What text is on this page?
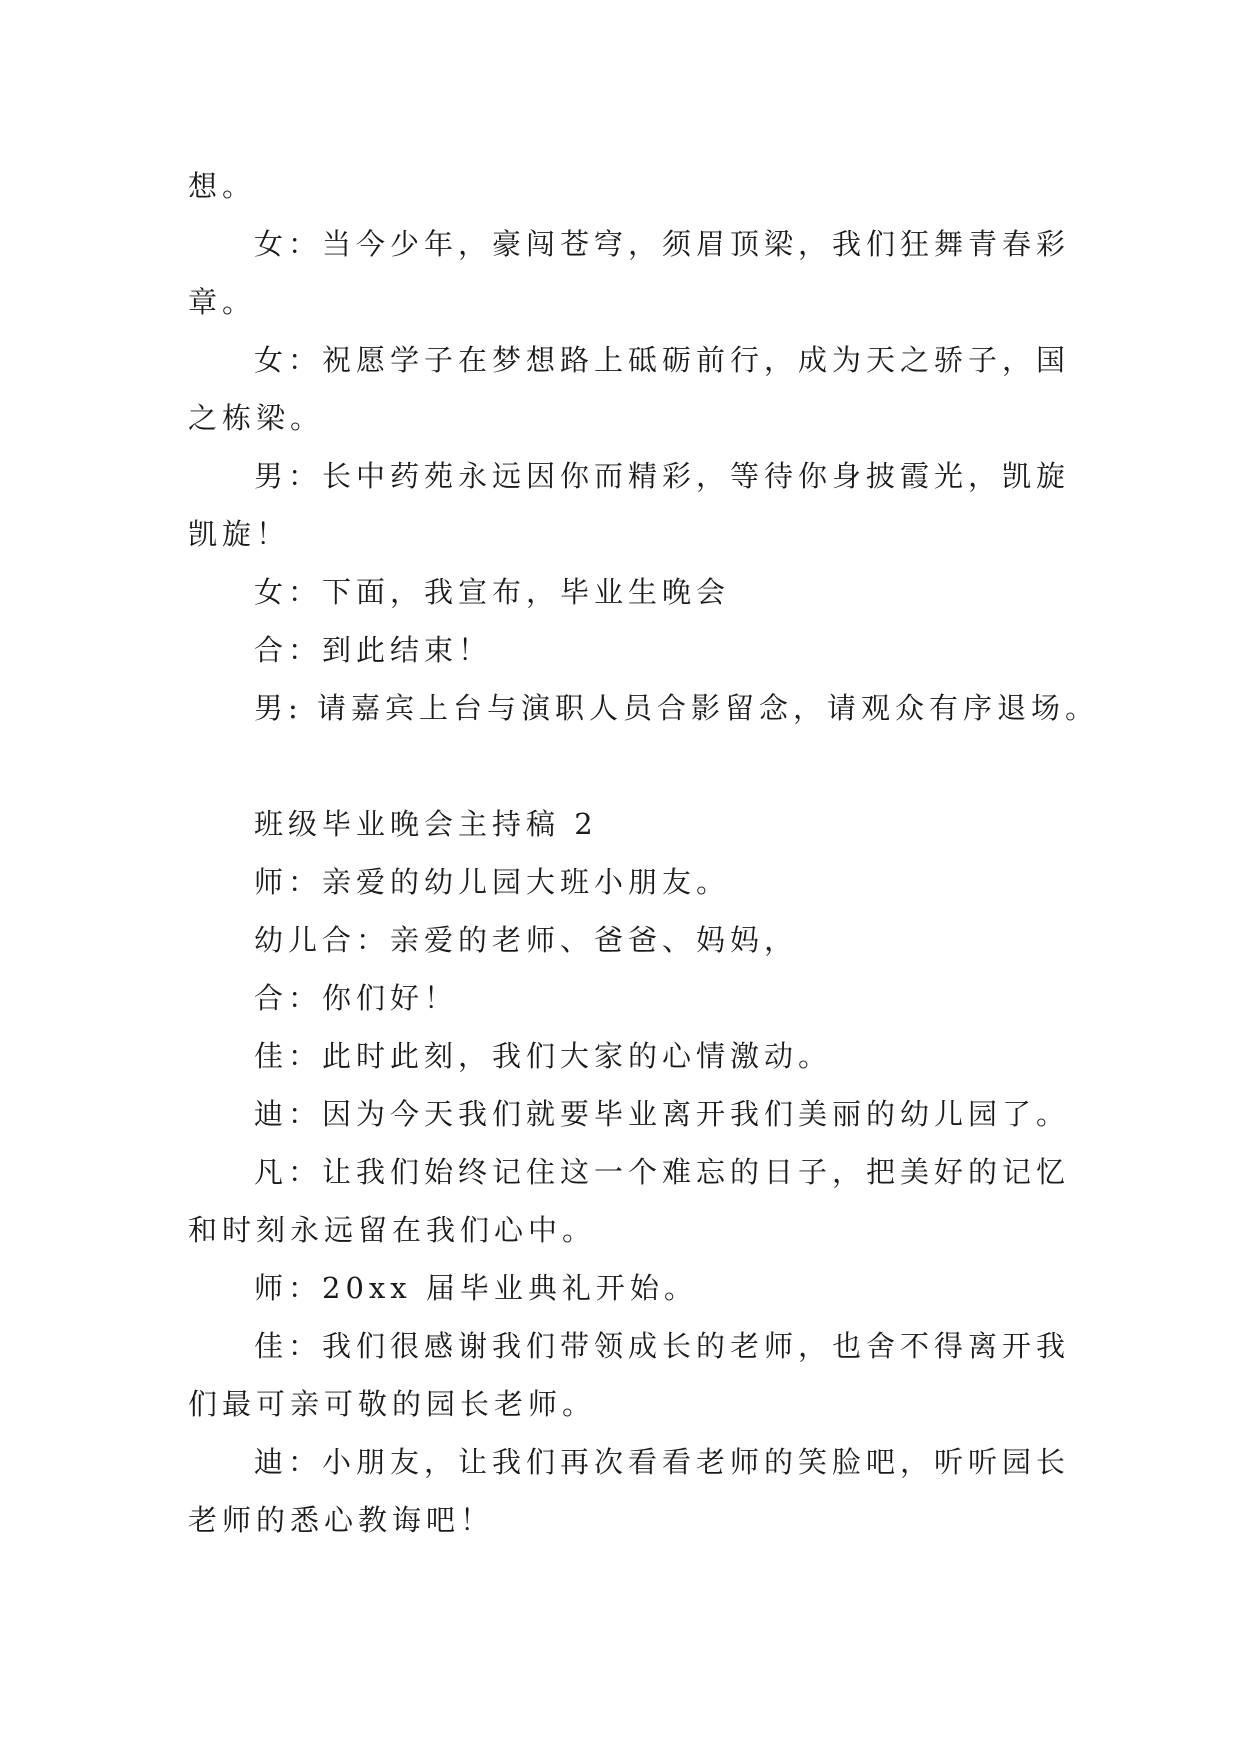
想。
女：当今少年，豪闯苍穹，须眉顶梁，我们狂舞青春彩
章。
女：祝愿学子在梦想路上砥砺前行，成为天之骄子，国
之栋梁。
男：长中药苑永远因你而精彩，等待你身披霞光，凯旋
凯旋！
女：下面，我宣布，毕业生晚会
合：到此结束！
男: 请嘉宾上台与演职人员合影留念，请观众有序退场。
班级毕业晚会主持稿 2
师：亲爱的幼儿园大班小朋友。
幼儿合：亲爱的老师、爸爸、妈妈，
合：你们好！
佳：此时此刻，我们大家的心情激动。
迪：因为今天我们就要毕业离开我们美丽的幼儿园了。
凡：让我们始终记住这一个难忘的日子，把美好的记忆
和时刻永远留在我们心中。
师：20xx 届毕业典礼开始。
佳：我们很感谢我们带领成长的老师，也舍不得离开我
们最可亲可敬的园长老师。
迪：小朋友，让我们再次看看老师的笑脸吧，听听园长
老师的悉心教诲吧！
